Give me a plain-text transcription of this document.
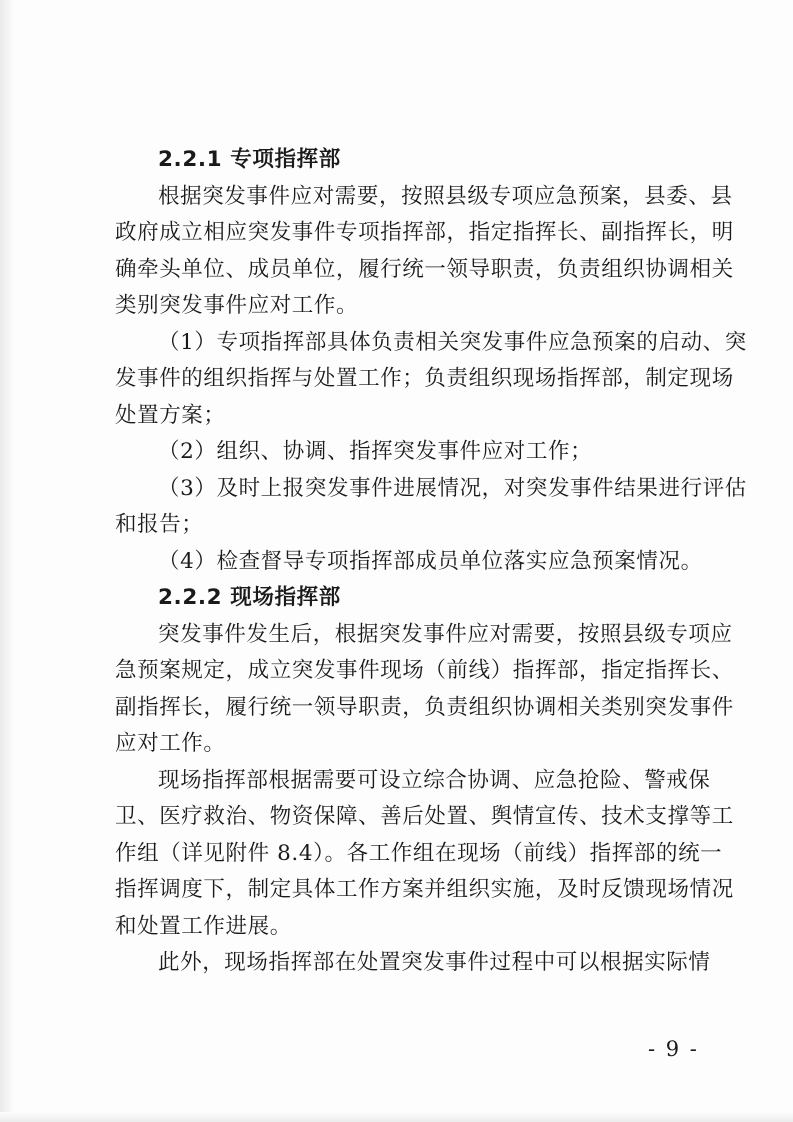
2.2.1 专项指挥部
根据突发事件应对需要，按照县级专项应急预案，县委、县
政府成立相应突发事件专项指挥部，指定指挥长、副指挥长，明
确牵头单位、成员单位，履行统一领导职责，负责组织协调相关
类别突发事件应对工作。
（1）专项指挥部具体负责相关突发事件应急预案的启动、突
发事件的组织指挥与处置工作；负责组织现场指挥部，制定现场
处置方案；
（2）组织、协调、指挥突发事件应对工作；
（3）及时上报突发事件进展情况，对突发事件结果进行评估
和报告；
（4）检查督导专项指挥部成员单位落实应急预案情况。
2.2.2 现场指挥部
突发事件发生后，根据突发事件应对需要，按照县级专项应
急预案规定，成立突发事件现场（前线）指挥部，指定指挥长、
副指挥长，履行统一领导职责，负责组织协调相关类别突发事件
应对工作。
现场指挥部根据需要可设立综合协调、应急抢险、警戒保
卫、医疗救治、物资保障、善后处置、舆情宣传、技术支撑等工
作组（详见附件 8.4）。各工作组在现场（前线）指挥部的统一
指挥调度下，制定具体工作方案并组织实施，及时反馈现场情况
和处置工作进展。
此外，现场指挥部在处置突发事件过程中可以根据实际情
- 9 -
